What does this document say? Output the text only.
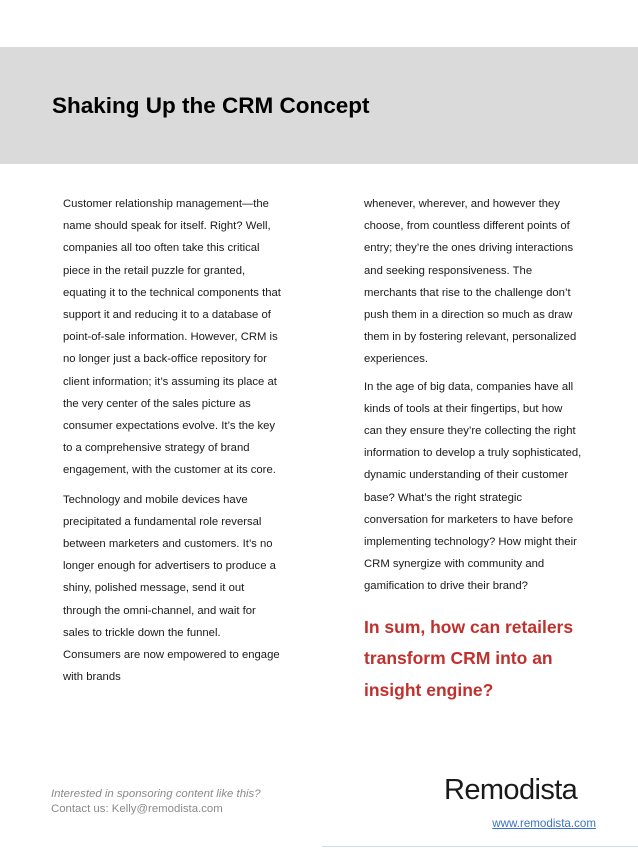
Shaking Up the CRM Concept

Customer relationship management—the
name should speak for itself. Right? Well,
companies all too often take this critical
piece in the retail puzzle for granted,
equating it to the technical components that
support it and reducing it to a database of
point-of-sale information. However, CRM is
no longer just a back-office repository for
client information; it’s assuming its place at
the very center of the sales picture as
consumer expectations evolve. It’s the key
to a comprehensive strategy of brand
engagement, with the customer at its core.

Technology and mobile devices have
precipitated a fundamental role reversal
between marketers and customers. It’s no
longer enough for advertisers to produce a
shiny, polished message, send it out
through the omni-channel, and wait for
sales to trickle down the funnel.
Consumers are now empowered to engage
with brands

whenever, wherever, and however they
choose, from countless different points of
entry; they’re the ones driving interactions
and seeking responsiveness. The
merchants that rise to the challenge don’t
push them in a direction so much as draw
them in by fostering relevant, personalized
experiences.

In the age of big data, companies have all
kinds of tools at their fingertips, but how
can they ensure they’re collecting the right
information to develop a truly sophisticated,
dynamic understanding of their customer
base? What’s the right strategic
conversation for marketers to have before
implementing technology? How might their
CRM synergize with community and
gamification to drive their brand?

In sum, how can retailers
transform CRM into an
insight engine?
Interested in sponsoring content like this?
Contact us: Kelly@remodista.com
Remodista
www.remodista.com
